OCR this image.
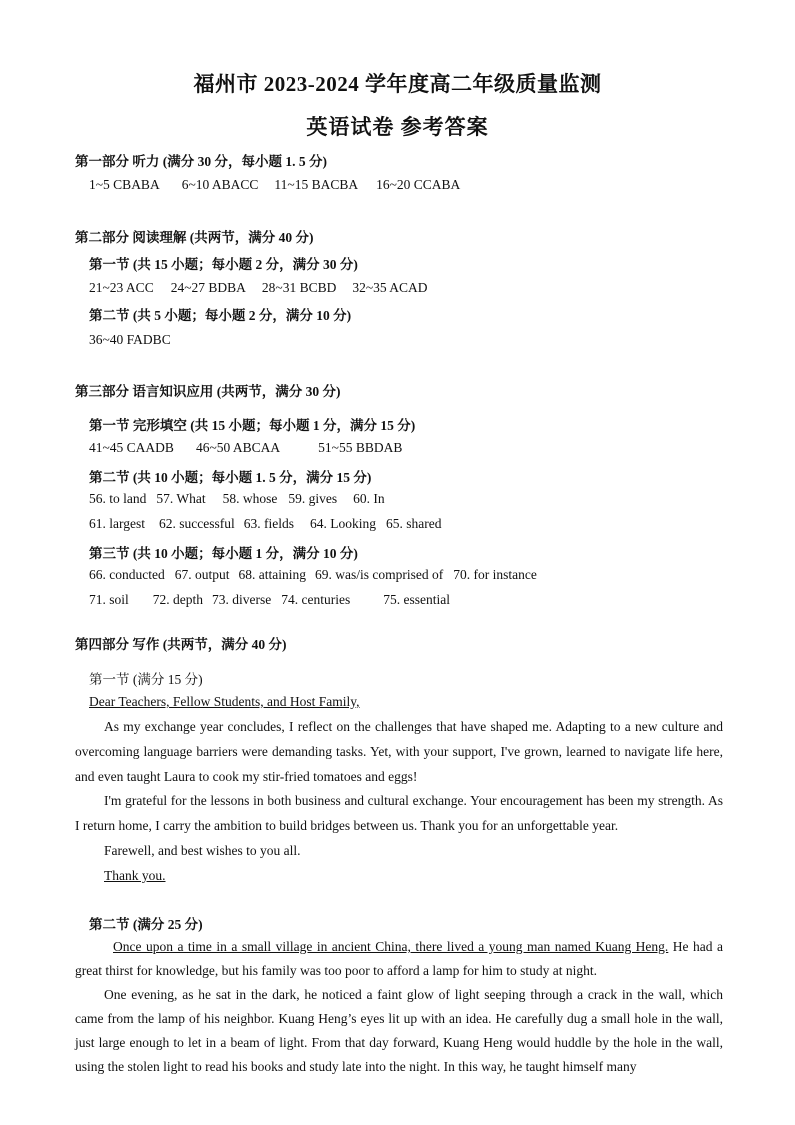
福州市 2023-2024 学年度高二年级质量监测
英语试卷 参考答案
第一部分 听力 (满分 30 分，每小题 1. 5 分)
1~5 CBABA 6~10 ABACC 11~15 BACBA 16~20 CCABA
第二部分 阅读理解 (共两节，满分 40 分)
第一节 (共 15 小题；每小题 2 分，满分 30 分)
21~23 ACC 24~27 BDBA 28~31 BCBD 32~35 ACAD
第二节 (共 5 小题；每小题 2 分，满分 10 分)
36~40 FADBC
第三部分 语言知识应用 (共两节，满分 30 分)
第一节 完形填空 (共 15 小题；每小题 1 分，满分 15 分)
41~45 CAADB 46~50 ABCAA	51~55 BBDAB
第二节 (共 10 小题；每小题 1. 5 分，满分 15 分)
56. to land 57. What 58. whose 59. gives 60. In
61. largest 62. successful 63. fields 64. Looking 65. shared
第三节 (共 10 小题；每小题 1 分，满分 10 分)
66. conducted 67. output 68. attaining 69. was/is comprised of 70. for instance
71. soil 72. depth 73. diverse 74. centuries 75. essential
第四部分 写作 (共两节，满分 40 分)
第一节 (满分 15 分)
Dear Teachers, Fellow Students, and Host Family,

As my exchange year concludes, I reflect on the challenges that have shaped me. Adapting to a new culture and overcoming language barriers were demanding tasks. Yet, with your support, I've grown, learned to navigate life here, and even taught Laura to cook my stir-fried tomatoes and eggs!

I'm grateful for the lessons in both business and cultural exchange. Your encouragement has been my strength. As I return home, I carry the ambition to build bridges between us. Thank you for an unforgettable year.

Farewell, and best wishes to you all.

Thank you.

第二节 (满分 25 分)

Once upon a time in a small village in ancient China, there lived a young man named Kuang Heng. He had a great thirst for knowledge, but his family was too poor to afford a lamp for him to study at night.

One evening, as he sat in the dark, he noticed a faint glow of light seeping through a crack in the wall, which came from the lamp of his neighbor. Kuang Heng’s eyes lit up with an idea. He carefully dug a small hole in the wall, just large enough to let in a beam of light. From that day forward, Kuang Heng would huddle by the hole in the wall, using the stolen light to read his books and study late into the night. In this way, he taught himself many
